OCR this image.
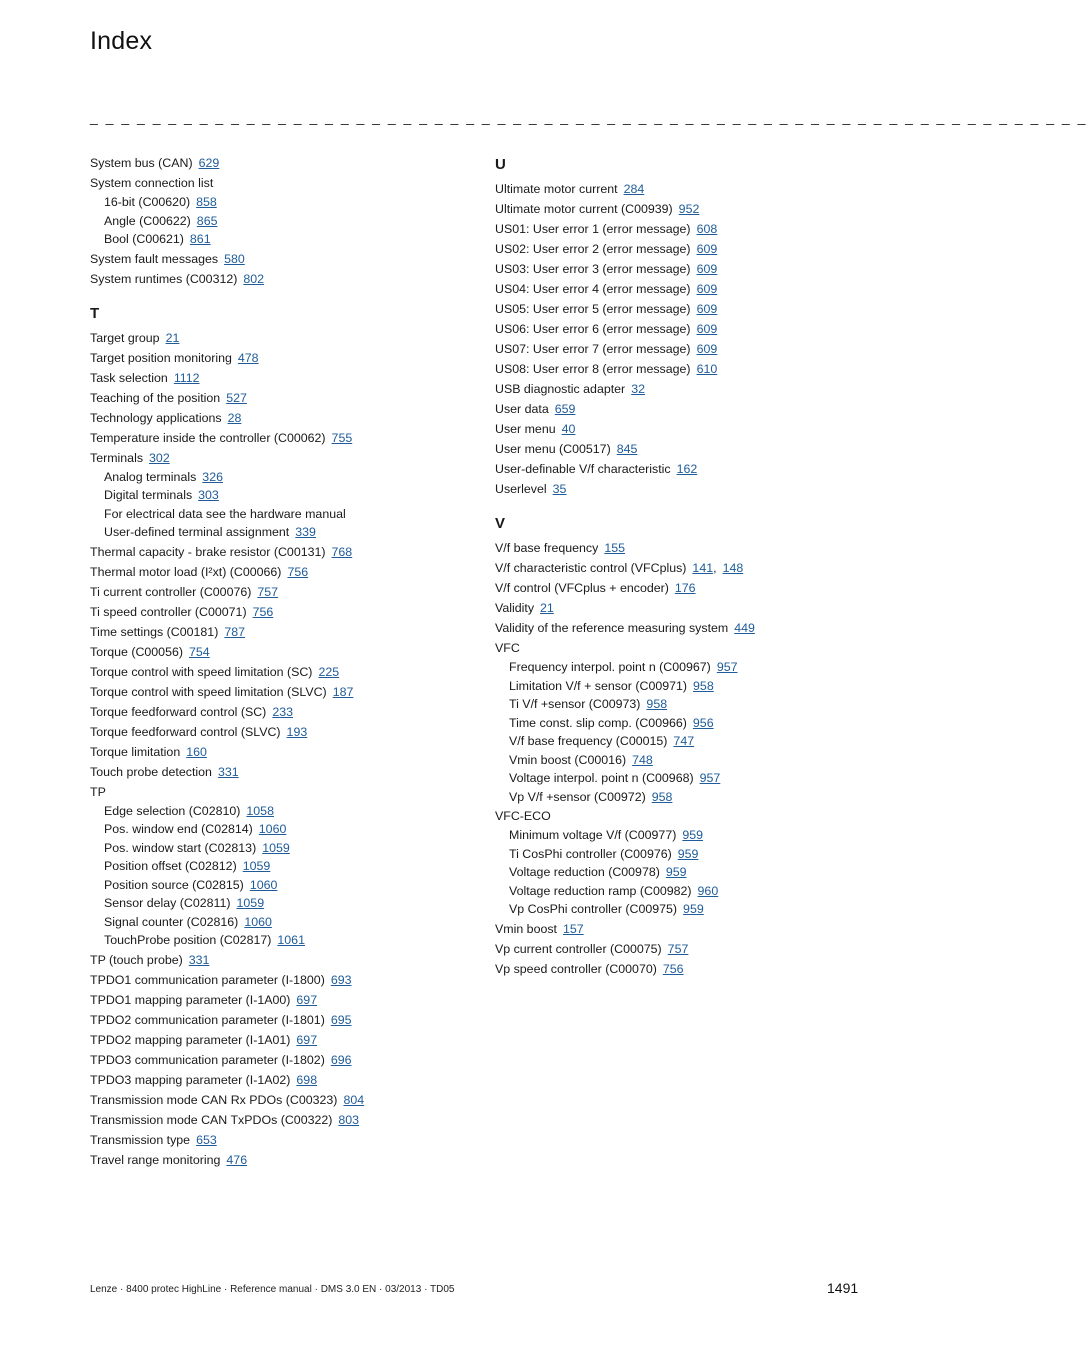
Index
_ _ _ _ _ _ _ _ _ _ _ _ _ _ _ _ _ _ _ _ _ _ _ _ _ _ _ _ _ _ _ _ _ _ _ _ _ _ _ _ _ _ _ _ _ _ _ _ _ _ _ _ _ _ _ _ _ _ _ _ _ _ _ _
System bus (CAN) 629
System connection list
16-bit (C00620) 858
Angle (C00622) 865
Bool (C00621) 861
System fault messages 580
System runtimes (C00312) 802
T
Target group 21
Target position monitoring 478
Task selection 1112
Teaching of the position 527
Technology applications 28
Temperature inside the controller (C00062) 755
Terminals 302
Analog terminals 326
Digital terminals 303
For electrical data see the hardware manual
User-defined terminal assignment 339
Thermal capacity - brake resistor (C00131) 768
Thermal motor load (I²xt) (C00066) 756
Ti current controller (C00076) 757
Ti speed controller (C00071) 756
Time settings (C00181) 787
Torque (C00056) 754
Torque control with speed limitation (SC) 225
Torque control with speed limitation (SLVC) 187
Torque feedforward control (SC) 233
Torque feedforward control (SLVC) 193
Torque limitation 160
Touch probe detection 331
TP
Edge selection (C02810) 1058
Pos. window end (C02814) 1060
Pos. window start (C02813) 1059
Position offset (C02812) 1059
Position source (C02815) 1060
Sensor delay (C02811) 1059
Signal counter (C02816) 1060
TouchProbe position (C02817) 1061
TP (touch probe) 331
TPDO1 communication parameter (I-1800) 693
TPDO1 mapping parameter (I-1A00) 697
TPDO2 communication parameter (I-1801) 695
TPDO2 mapping parameter (I-1A01) 697
TPDO3 communication parameter (I-1802) 696
TPDO3 mapping parameter (I-1A02) 698
Transmission mode CAN Rx PDOs (C00323) 804
Transmission mode CAN TxPDOs (C00322) 803
Transmission type 653
Travel range monitoring 476
U
Ultimate motor current 284
Ultimate motor current (C00939) 952
US01: User error 1 (error message) 608
US02: User error 2 (error message) 609
US03: User error 3 (error message) 609
US04: User error 4 (error message) 609
US05: User error 5 (error message) 609
US06: User error 6 (error message) 609
US07: User error 7 (error message) 609
US08: User error 8 (error message) 610
USB diagnostic adapter 32
User data 659
User menu 40
User menu (C00517) 845
User-definable V/f characteristic 162
Userlevel 35
V
V/f base frequency 155
V/f characteristic control (VFCplus) 141, 148
V/f control (VFCplus + encoder) 176
Validity 21
Validity of the reference measuring system 449
VFC
Frequency interpol. point n (C00967) 957
Limitation V/f + sensor (C00971) 958
Ti V/f +sensor (C00973) 958
Time const. slip comp. (C00966) 956
V/f base frequency (C00015) 747
Vmin boost (C00016) 748
Voltage interpol. point n (C00968) 957
Vp V/f +sensor (C00972) 958
VFC-ECO
Minimum voltage V/f (C00977) 959
Ti CosPhi controller (C00976) 959
Voltage reduction (C00978) 959
Voltage reduction ramp (C00982) 960
Vp CosPhi controller (C00975) 959
Vmin boost 157
Vp current controller (C00075) 757
Vp speed controller (C00070) 756
Lenze · 8400 protec HighLine · Reference manual · DMS 3.0 EN · 03/2013 · TD05	1491
